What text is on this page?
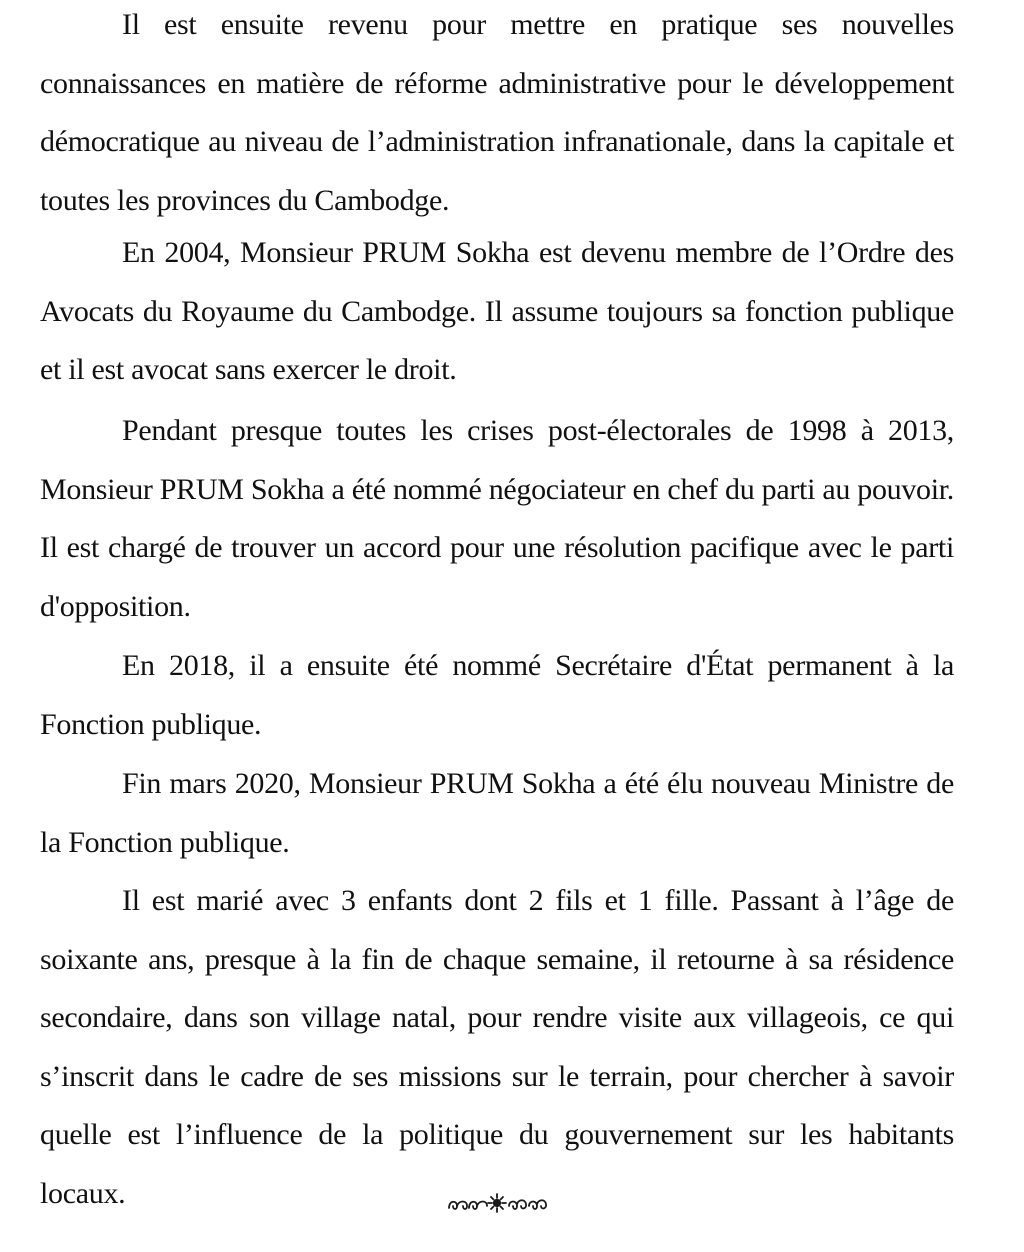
Il est ensuite revenu pour mettre en pratique ses nouvelles connaissances en matière de réforme administrative pour le développement démocratique au niveau de l’administration infranationale, dans la capitale et toutes les provinces du Cambodge.

En 2004, Monsieur PRUM Sokha est devenu membre de l’Ordre des Avocats du Royaume du Cambodge. Il assume toujours sa fonction publique et il est avocat sans exercer le droit.

Pendant presque toutes les crises post-électorales de 1998 à 2013, Monsieur PRUM Sokha a été nommé négociateur en chef du parti au pouvoir. Il est chargé de trouver un accord pour une résolution pacifique avec le parti d'opposition.

En 2018, il a ensuite été nommé Secrétaire d'État permanent à la Fonction publique.

Fin mars 2020, Monsieur PRUM Sokha a été élu nouveau Ministre de la Fonction publique.

Il est marié avec 3 enfants dont 2 fils et 1 fille. Passant à l’âge de soixante ans, presque à la fin de chaque semaine, il retourne à sa résidence secondaire, dans son village natal, pour rendre visite aux villageois, ce qui s’inscrit dans le cadre de ses missions sur le terrain, pour chercher à savoir quelle est l’influence de la politique du gouvernement sur les habitants locaux.
